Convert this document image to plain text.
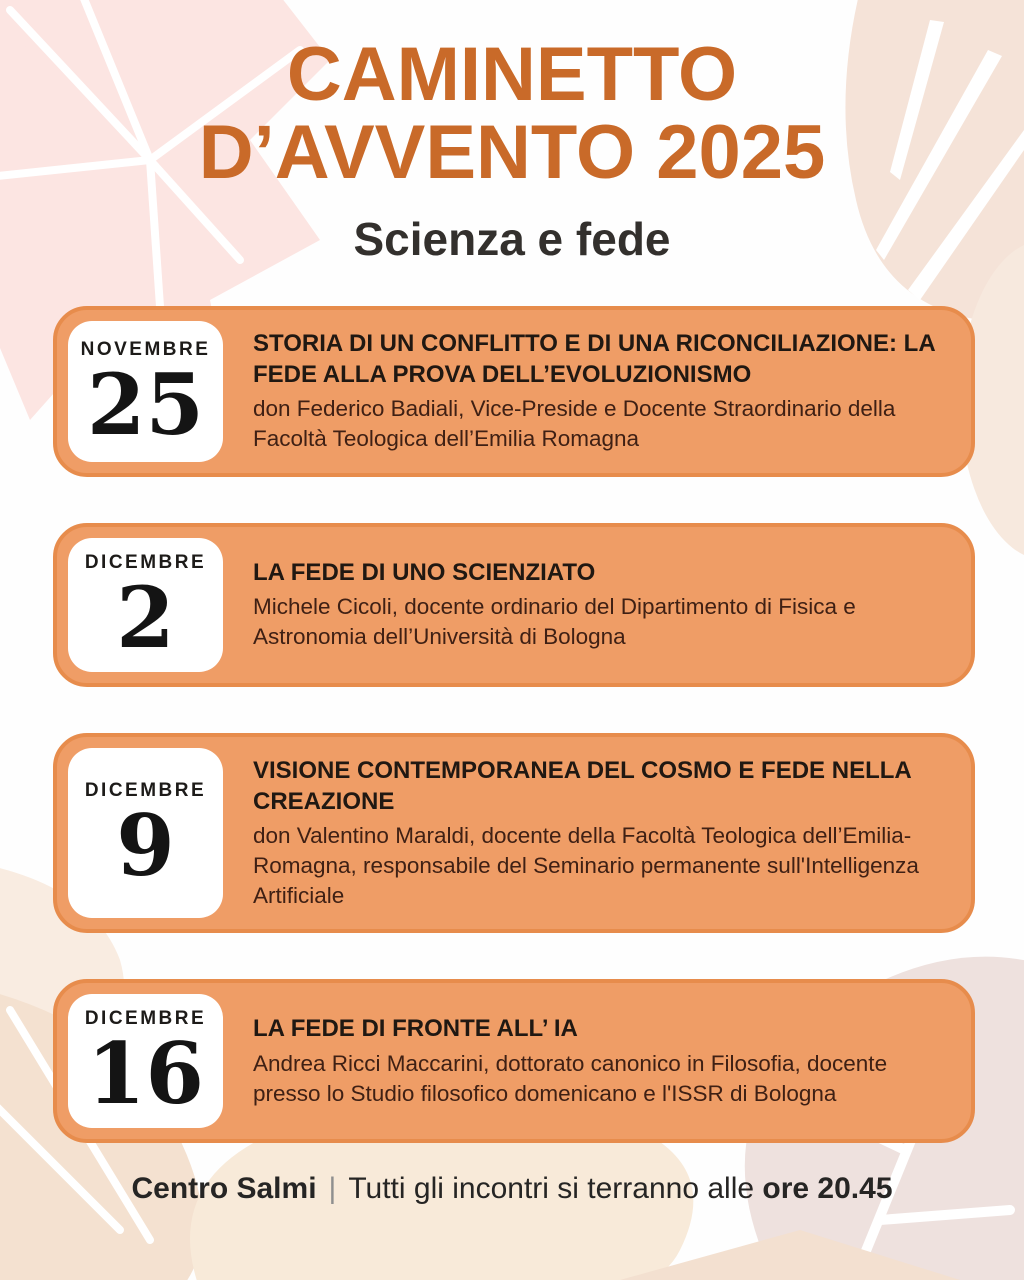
CAMINETTO
D’AVVENTO 2025
Scienza e fede
NOVEMBRE
25

STORIA DI UN CONFLITTO E DI UNA RICONCILIAZIONE: LA FEDE ALLA PROVA DELL’EVOLUZIONISMO

don Federico Badiali, Vice-Preside e Docente Straordinario della Facoltà Teologica dell’Emilia Romagna

DICEMBRE
2	LA FEDE DI UNO SCIENZIATO

Michele Cicoli, docente ordinario del Dipartimento di Fisica e Astronomia dell’Università di Bologna

DICEMBRE
9

VISIONE CONTEMPORANEA DEL COSMO E FEDE NELLA CREAZIONE

don Valentino Maraldi, docente della Facoltà Teologica dell’Emilia-Romagna, responsabile del Seminario permanente sull'Intelligenza Artificiale

DICEMBRE
16 LA FEDE DI FRONTE ALL’ IA

Andrea Ricci Maccarini, dottorato canonico in Filosofia, docente presso lo Studio filosofico domenicano e l'ISSR di Bologna

Centro Salmi | Tutti gli incontri si terranno alle ore 20.45
